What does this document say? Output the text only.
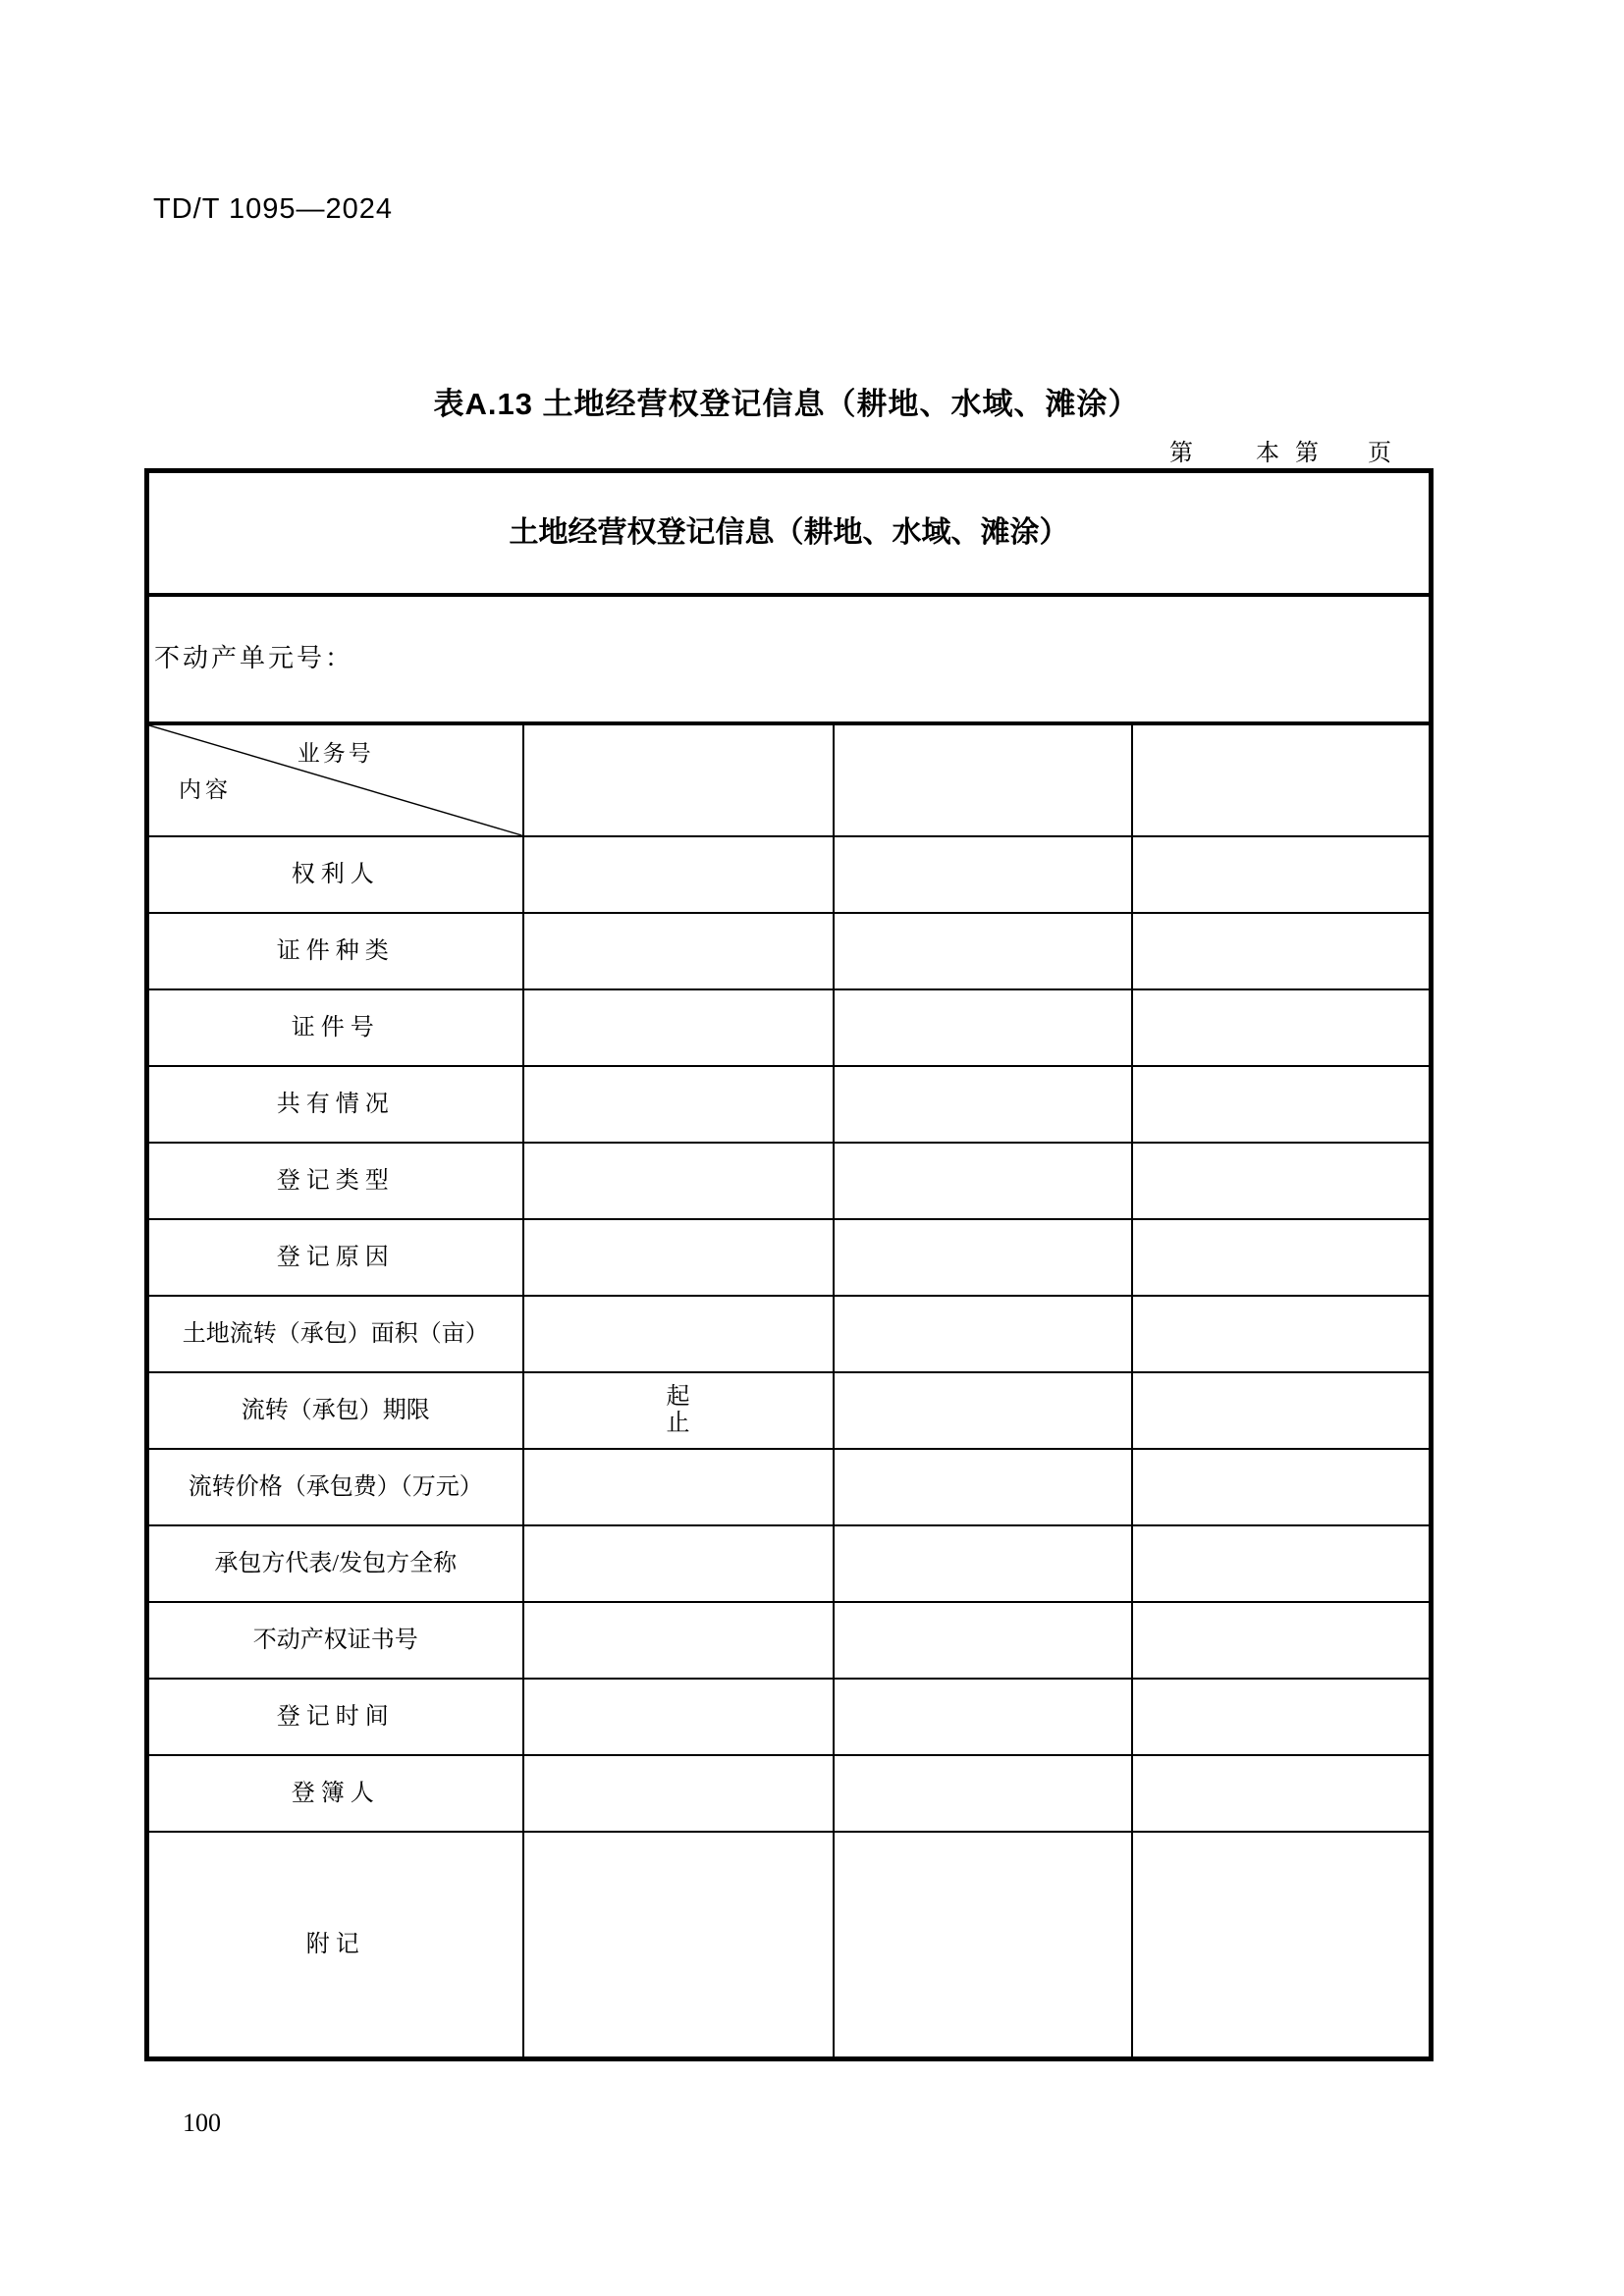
TD/T 1095—2024
表A.13 土地经营权登记信息（耕地、水域、滩涂）
第	本 第 页
土地经营权登记信息（耕地、水域、滩涂）			
不动产单元号：			

业务号
内容			

权利人			
证件种类			
证件号			
共有情况			
登记类型			
登记原因			
土地流转（承包）面积（亩）			
流转（承包）期限	起
止		

流转价格（承包费）（万元）			
承包方代表/发包方全称			
不动产权证书号			
登记时间			
登簿人			
附记			
100
